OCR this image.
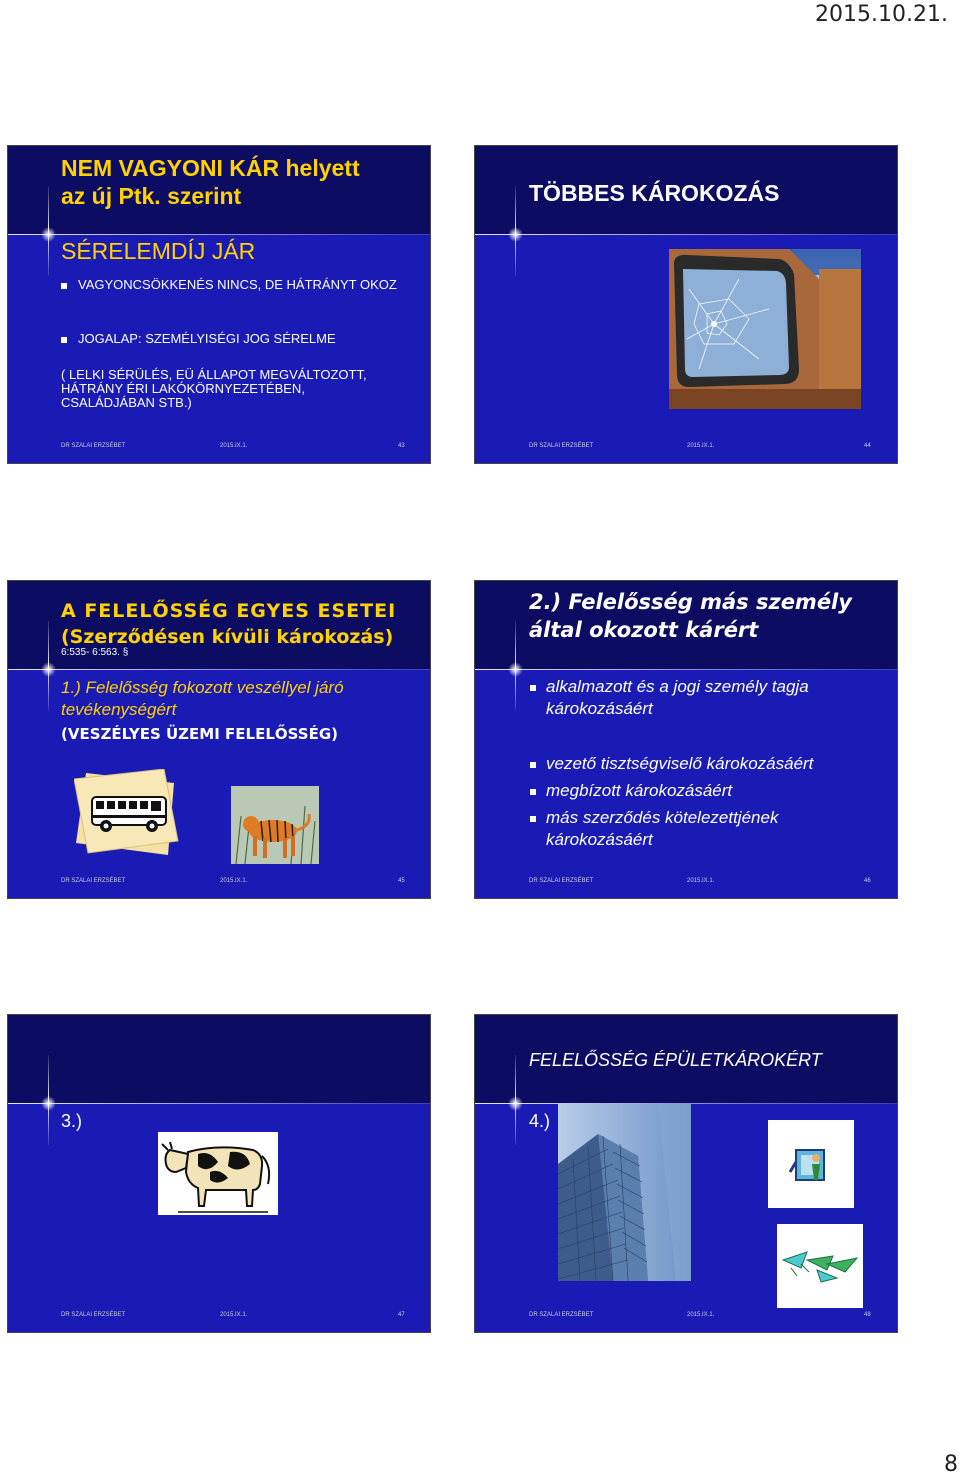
2015.10.21.
NEM VAGYONI KÁR helyett
az új Ptk. szerint
SÉRELEMDÍJ JÁR
VAGYONCSÖKKENÉS NINCS, DE HÁTRÁNYT OKOZ
JOGALAP: SZEMÉLYISÉGI JOG SÉRELME
( LELKI SÉRÜLÉS, EÜ ÁLLAPOT MEGVÁLTOZOTT, HÁTRÁNY ÉRI LAKÓKÖRNYEZETÉBEN, CSALÁDJÁBAN STB.)
DR SZALAI ERZSÉBET	2015.IX.1.	43
TÖBBES KÁROKOZÁS
DR SZALAI ERZSÉBET	2015.IX.1.	44
A FELELŐSSÉG EGYES ESETEI
(Szerződésen kívüli károkozás)
6:535- 6:563. §
1.) Felelősség fokozott veszéllyel járó tevékenységért
(VESZÉLYES ÜZEMI FELELŐSSÉG)
DR SZALAI ERZSÉBET	2015.IX.1.	45
2.) Felelősség más személy
által okozott kárért
alkalmazott és a jogi személy tagja károkozásáért
vezető tisztségviselő károkozásáért
megbízott károkozásáért
más szerződés kötelezettjének károkozásáért
DR SZALAI ERZSÉBET	2015.IX.1.	46
3.)
DR SZALAI ERZSÉBET	2015.IX.1.	47
FELELŐSSÉG ÉPÜLETKÁROKÉRT
4.)
DR SZALAI ERZSÉBET	2015.IX.1.	48
8
